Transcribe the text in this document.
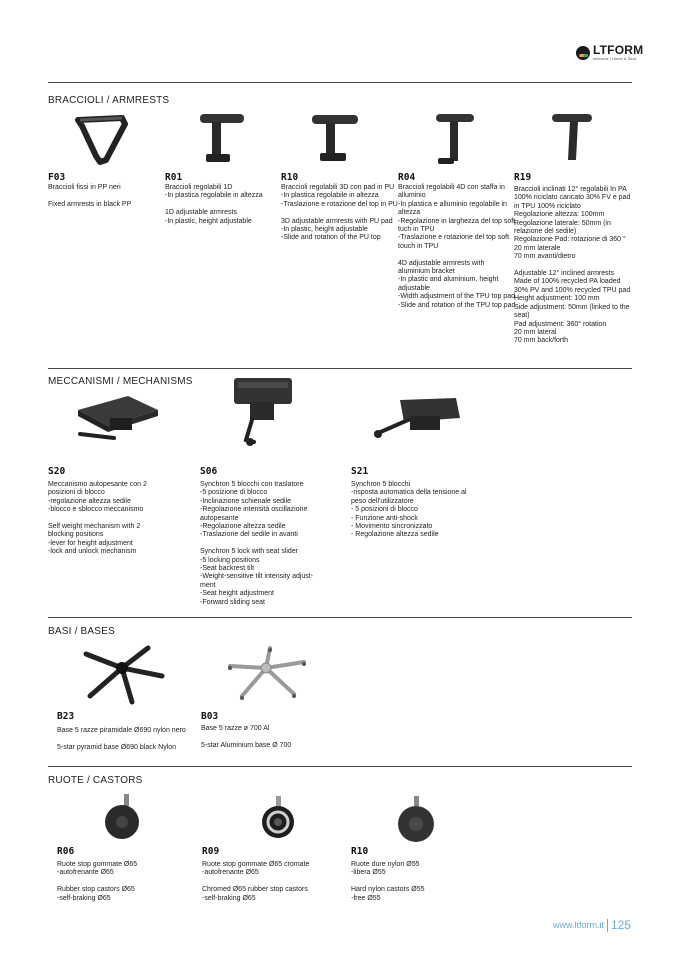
LTFORM
welcome | Home & Seat
BRACCIOLI / ARMRESTS
F03
Braccioli fissi in PP neri

Fixed armrests in black PP
R01
Braccioli regolabili 1D
-In plastica regolabile in altezza

1D adjustable armrests
-In plastic, height adjustable
R10
Braccioli regolabili 3D con pad in PU
-In plastica regolabile in altezza
-Traslazione e rotazione del top in PU

3D adjustable armrests with PU pad
-In plastic, height adjustable
-Slide and rotation of the PU top
R04
Braccioli regolabili 4D con staffa in alluminio
-In plastica e alluminio regolabile in altezza
-Regolazione in larghezza del top soft tuch in TPU
-Traslazione e rotazione del top soft touch in TPU

4D adjustable armrests with aluminium bracket
-In plastic and aluminium, height adjustable
-Width adjustment of the TPU top pad
-Slide and rotation of the TPU top pad
R19
Braccioli inclinati 12° regolabili In PA 100% riciclato caricato 30% FV e pad in TPU 100% riciclato
Regolazione altezza: 100mm
Regolazione laterale: 50mm (in relazione del sedile)
Regolazione Pad: rotazione di 360 ° 20 mm laterale
70 mm avanti/dietro

Adjustable 12° inclined armrests
Made of 100% recycled PA loaded 30% PV and 100% recycled TPU pad
Height adjustment: 100 mm
Side adjustment: 50mm (linked to the seat)
Pad adjustment: 360° rotation
20 mm lateral
70 mm back/forth
MECCANISMI / MECHANISMS
S20
Meccanismo autopesante con 2 posizioni di blocco
-regolazione altezza sedile
-blocco e sblocco meccanismo

Self weight mechanism with 2 blocking positions
-lever for height adjustment
-lock and unlock mechanism
S06
Synchron 5 blocchi con traslatore
-5 posizione di blocco
-Inclinazione schienale sedile
-Regolazione intensità oscillazione autopesante
-Regolazione altezza sedile
-Traslazione del sedile in avanti

Synchron 5 lock with seat slider
-5 locking positions
-Seat backrest tilt
-Weight-sensitive tilt intensity adjust-ment
-Seat height adjustment
-Forward sliding seat
S21
Synchron 5 blocchi
-risposta automatica della tensione al peso dell'utilizzatore
- 5 posizioni di blocco
- Funzione anti-shock
- Movimento sincronizzato
- Regolazione altezza sedile
BASI / BASES
B23
Base 5 razze piramidale Ø690 nylon nero

5-star pyramid base Ø690 black Nylon
B03
Base 5 razze ø 700 Al

5-star Aluminium base Ø 700
RUOTE / CASTORS
R06
Ruote stop gommate Ø65
-autofrenante Ø65

Rubber stop castors Ø65
-self-braking Ø65
R09
Ruote stop gommate Ø65 cromate
-autofrenante Ø65

Chromed Ø65 rubber stop castors
-self-braking Ø65
R10
Ruote dure nylon Ø55
-libera Ø55

Hard nylon castors Ø55
-free Ø55
www.ltform.it 125
